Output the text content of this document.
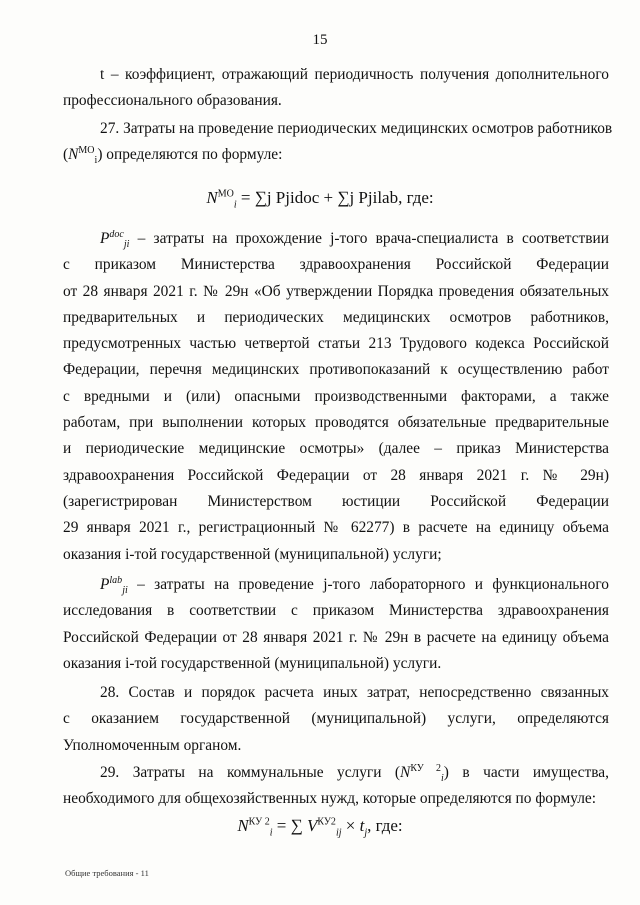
15
t – коэффициент, отражающий периодичность получения дополнительного
профессионального образования.
27. Затраты на проведение периодических медицинских осмотров работников
$(N^{МО}_i)$ определяются по формуле:
$N^{МО}_i = \sum j$ Pjidoc + ∑j Pjilab, где:
$P^{doc}_{ji}$ – затраты на прохождение j-того врача-специалиста в соответствии
с приказом Министерства здравоохранения Российской Федерации
от 28 января 2021 г. № 29н «Об утверждении Порядка проведения обязательных
предварительных и периодических медицинских осмотров работников,
предусмотренных частью четвертой статьи 213 Трудового кодекса Российской
Федерации, перечня медицинских противопоказаний к осуществлению работ
с вредными и (или) опасными производственными факторами, а также
работам, при выполнении которых проводятся обязательные предварительные
и периодические медицинские осмотры» (далее – приказ Министерства
здравоохранения Российской Федерации от 28 января 2021 г. № 29н)
(зарегистрирован Министерством юстиции Российской Федерации
29 января 2021 г., регистрационный № 62277) в расчете на единицу объема
оказания i-той государственной (муниципальной) услуги;
$P^{lab}_{ji}$ – затраты на проведение j-того лабораторного и функционального
исследования в соответствии с приказом Министерства здравоохранения
Российской Федерации от 28 января 2021 г. № 29н в расчете на единицу объема
оказания i-той государственной (муниципальной) услуги.
28. Состав и порядок расчета иных затрат, непосредственно связанных
с оказанием государственной (муниципальной) услуги, определяются
Уполномоченным органом.
29. Затраты на коммунальные услуги $(N^{КУ 2}_i)$ в части имущества,
необходимого для общехозяйственных нужд, которые определяются по формуле:
$N^{КУ 2}_i$ = ∑ $V^{КУ2}_{ij} \times t_j$, где:
Общие требования - 11
